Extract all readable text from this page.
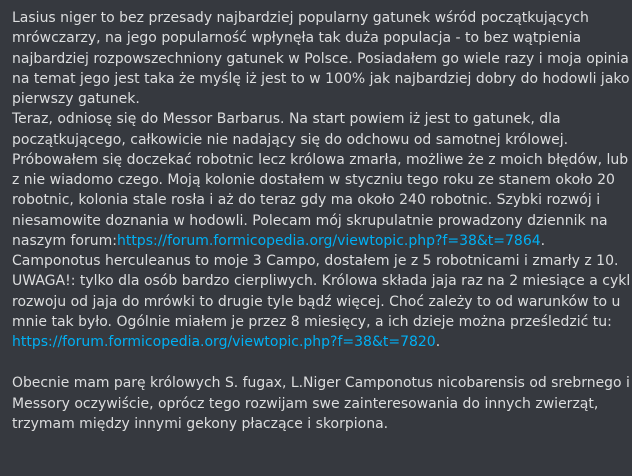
Lasius niger to bez przesady najbardziej popularny gatunek wśród początkujących
mrówczarzy, na jego popularność wpłynęła tak duża populacja - to bez wątpienia
najbardziej rozpowszechniony gatunek w Polsce. Posiadałem go wiele razy i moja opinia
na temat jego jest taka że myślę iż jest to w 100% jak najbardziej dobry do hodowli jako
pierwszy gatunek.
Teraz, odniosę się do Messor Barbarus. Na start powiem iż jest to gatunek, dla
początkującego, całkowicie nie nadający się do odchowu od samotnej królowej.
Próbowałem się doczekać robotnic lecz królowa zmarła, możliwe że z moich błędów, lub
z nie wiadomo czego. Moją kolonie dostałem w styczniu tego roku ze stanem około 20
robotnic, kolonia stale rosła i aż do teraz gdy ma około 240 robotnic. Szybki rozwój i
niesamowite doznania w hodowli. Polecam mój skrupulatnie prowadzony dziennik na
naszym forum:https://forum.formicopedia.org/viewtopic.php?f=38&t=7864.
Camponotus herculeanus to moje 3 Campo, dostałem je z 5 robotnicami i zmarły z 10.
UWAGA!: tylko dla osób bardzo cierpliwych. Królowa składa jaja raz na 2 miesiące a cykl
rozwoju od jaja do mrówki to drugie tyle bądź więcej. Choć zależy to od warunków to u
mnie tak było. Ogólnie miałem je przez 8 miesięcy, a ich dzieje można prześledzić tu:
https://forum.formicopedia.org/viewtopic.php?f=38&t=7820.
Obecnie mam parę królowych S. fugax, L.Niger Camponotus nicobarensis od srebrnego i
Messory oczywiście, oprócz tego rozwijam swe zainteresowania do innych zwierząt,
trzymam między innymi gekony płaczące i skorpiona.
